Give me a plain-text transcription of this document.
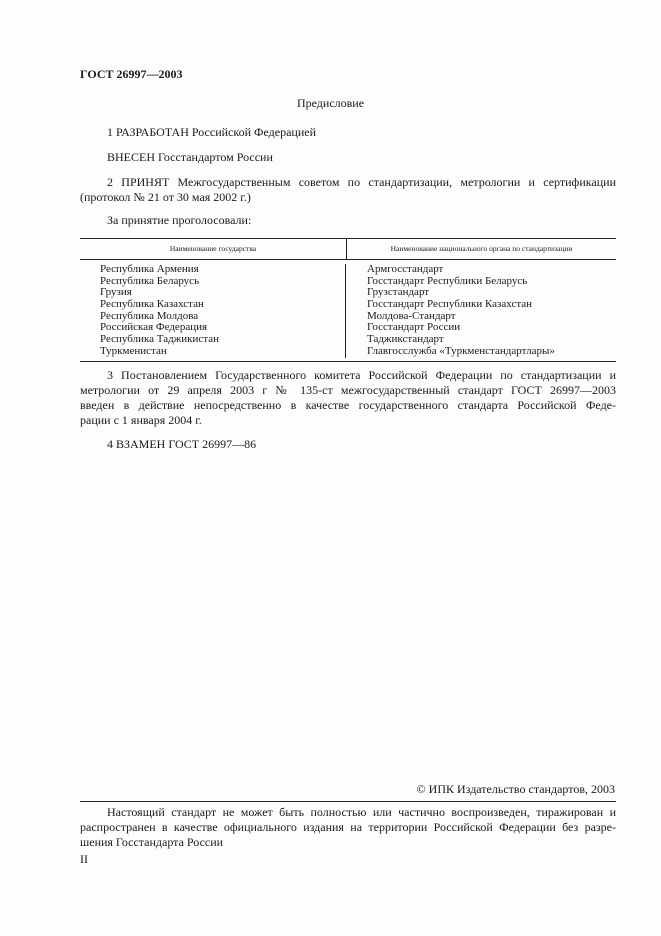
ГОСТ 26997—2003
Предисловие
1 РАЗРАБОТАН Российской Федерацией
ВНЕСЕН Госстандартом России
2 ПРИНЯТ Межгосударственным советом по стандартизации, метрологии и сертификации
(протокол № 21 от 30 мая 2002 г.)
За принятие проголосовали:
Наименование государства	Наименование национального органа по стандартизации
Республика Армения
Республика Беларусь
Грузия
Республика Казахстан
Республика Молдова
Российская Федерация
Республика Таджикистан
Туркменистан
Армгосстандарт
Госстандарт Республики Беларусь
Грузстандарт
Госстандарт Республики Казахстан
Молдова-Стандарт
Госстандарт России
Таджикстандарт
Главгосслужба «Туркменстандартлары»
3 Постановлением Государственного комитета Российской Федерации по стандартизации и
метрологии от 29 апреля 2003 г № 135-ст межгосударственный стандарт ГОСТ 26997—2003
введен в действие непосредственно в качестве государственного стандарта Российской Феде-
рации с 1 января 2004 г.
4 ВЗАМЕН ГОСТ 26997—86
© ИПК Издательство стандартов, 2003
Настоящий стандарт не может быть полностью или частично воспроизведен, тиражирован и
распространен в качестве официального издания на территории Российской Федерации без разре-
шения Госстандарта России
II
